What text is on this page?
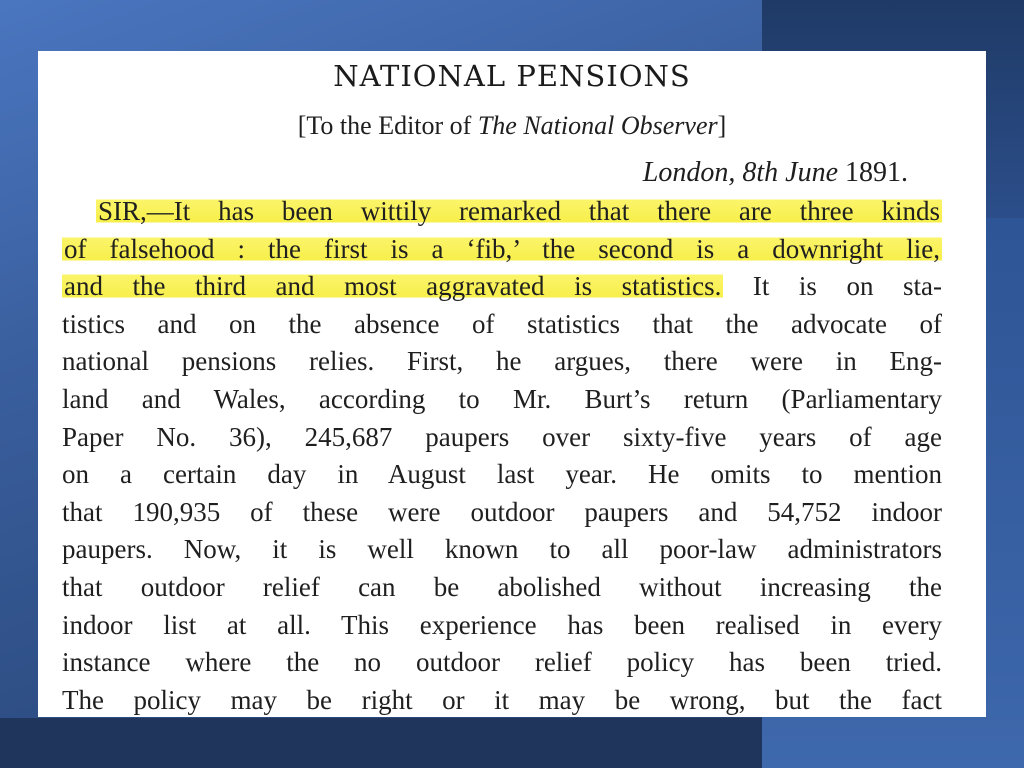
NATIONAL PENSIONS
[To the Editor of The National Observer]
London, 8th June 1891.
SIR,—It has been wittily remarked that there are three kinds
of falsehood : the first is a ‘fib,’ the second is a downright lie,
and the third and most aggravated is statistics. It is on sta-
tistics and on the absence of statistics that the advocate of
national pensions relies. First, he argues, there were in Eng-
land and Wales, according to Mr. Burt’s return (Parliamentary
Paper No. 36), 245,687 paupers over sixty-five years of age
on a certain day in August last year. He omits to mention
that 190,935 of these were outdoor paupers and 54,752 indoor
paupers. Now, it is well known to all poor-law administrators
that outdoor relief can be abolished without increasing the
indoor list at all. This experience has been realised in every
instance where the no outdoor relief policy has been tried.
The policy may be right or it may be wrong, but the fact
